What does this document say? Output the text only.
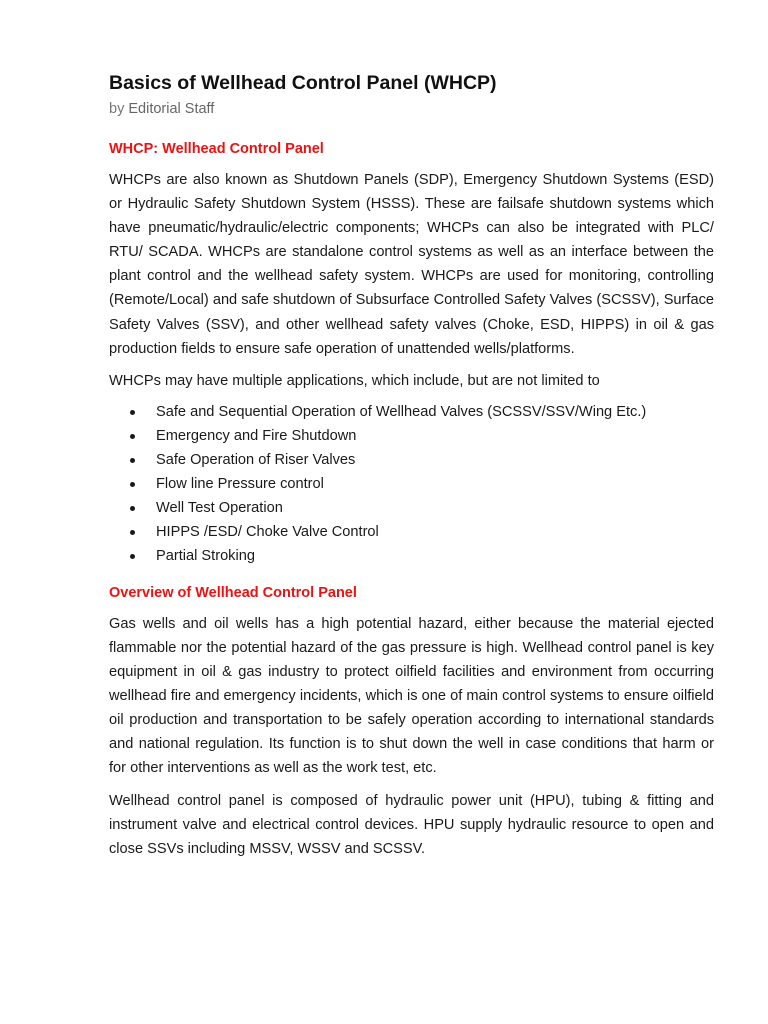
Basics of Wellhead Control Panel (WHCP)

by Editorial Staff

WHCP: Wellhead Control Panel

WHCPs are also known as Shutdown Panels (SDP), Emergency Shutdown Systems (ESD) or Hydraulic Safety Shutdown System (HSSS). These are failsafe shutdown systems which have pneumatic/hydraulic/electric components; WHCPs can also be integrated with PLC/ RTU/ SCADA. WHCPs are standalone control systems as well as an interface between the plant control and the wellhead safety system. WHCPs are used for monitoring, controlling (Remote/Local) and safe shutdown of Subsurface Controlled Safety Valves (SCSSV), Surface Safety Valves (SSV), and other wellhead safety valves (Choke, ESD, HIPPS) in oil & gas production fields to ensure safe operation of unattended wells/platforms.

WHCPs may have multiple applications, which include, but are not limited to

Safe and Sequential Operation of Wellhead Valves (SCSSV/SSV/Wing Etc.)
Emergency and Fire Shutdown
Safe Operation of Riser Valves
Flow line Pressure control
Well Test Operation
HIPPS /ESD/ Choke Valve Control
Partial Stroking
Overview of Wellhead Control Panel

Gas wells and oil wells has a high potential hazard, either because the material ejected flammable nor the potential hazard of the gas pressure is high. Wellhead control panel is key equipment in oil & gas industry to protect oilfield facilities and environment from occurring wellhead fire and emergency incidents, which is one of main control systems to ensure oilfield oil production and transportation to be safely operation according to international standards and national regulation. Its function is to shut down the well in case conditions that harm or for other interventions as well as the work test, etc.

Wellhead control panel is composed of hydraulic power unit (HPU), tubing & fitting and instrument valve and electrical control devices. HPU supply hydraulic resource to open and close SSVs including MSSV, WSSV and SCSSV.
